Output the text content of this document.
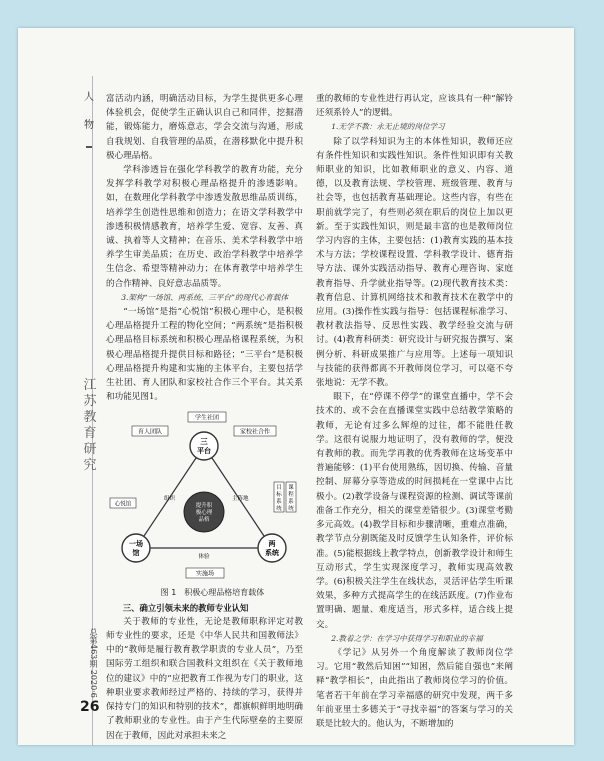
人
物
江
苏
教
育
研
究
总第463期 2020·6
26

富活动内涵，明确活动目标，为学生提供更多心理体验机会，促使学生正确认识自己和同伴，挖掘潜能，锻炼能力，磨炼意志，学会交流与沟通，形成自我规划、自我管理的品质，在潜移默化中提升积极心理品格。

学科渗透旨在强化学科教学的教育功能，充分发挥学科教学对积极心理品格提升的渗透影响。如，在数理化学科教学中渗透发散思维品质训练，培养学生创造性思维和创造力；在语文学科教学中渗透积极情感教育，培养学生爱、宽容、友善、真诚、执着等人文精神；在音乐、美术学科教学中培养学生审美品质；在历史、政治学科教学中培养学生信念、希望等精神动力；在体育教学中培养学生的合作精神、良好意志品质等。

3.架构“一场馆、两系统、三平台”的现代心育载体

“一场馆”是指“心悦馆”积极心理中心，是积极心理品格提升工程的物化空间；“两系统”是指积极心理品格目标系统和积极心理品格课程系统，为积极心理品格提升提供目标和路径；“三平台”是积极心理品格提升构建和实施的主体平台，主要包括学生社团、育人团队和家校社合作三个平台。其关系和功能见图1。

学生社团
育人团队	家校社合作
心悦馆
三
平台
一场
馆
两
系统
提升积
极心理
品格
组织	主阵地
体验
实施场
目
标
系
统
课
程
系
统

图 1　积极心理品格培育载体

三、确立引领未来的教师专业认知

关于教师的专业性，无论是教师职称评定对教师专业性的要求，还是《中华人民共和国教师法》中的“教师是履行教育教学职责的专业人员”，乃至国际劳工组织和联合国教科文组织在《关于教师地位的建议》中的“应把教育工作视为专门的职业，这种职业要求教师经过严格的、持续的学习，获得并保持专门的知识和特别的技术”，都旗帜鲜明地明确了教师职业的专业性。由于产生代际壁垒的主要原因在于教师，因此对承担未来之

重的教师的专业性进行再认定，应该具有一种“解铃还须系铃人”的逻辑。

1.无学不教：永无止境的岗位学习

除了以学科知识为主的本体性知识，教师还应有条件性知识和实践性知识。条件性知识即有关教师职业的知识，比如教师职业的意义、内容、道德，以及教育法规、学校管理、班级管理、教育与社会等，也包括教育基础理论。这些内容，有些在职前就学完了，有些则必须在职后的岗位上加以更新。至于实践性知识，则是最丰富的也是教师岗位学习内容的主体，主要包括：(1)教育实践的基本技术与方法；学校课程设置、学科教学设计、德育指导方法、课外实践活动指导、教育心理咨询、家庭教育指导、升学就业指导等。(2)现代教育技术类：教育信息、计算机网络技术和教育技术在教学中的应用。(3)操作性实践与指导：包括课程标准学习、教材教法指导、反思性实践、教学经验交流与研讨。(4)教育科研类：研究设计与研究报告撰写、案例分析、科研成果推广与应用等。上述每一项知识与技能的获得都离不开教师岗位学习，可以毫不夸张地说：无学不教。

眼下，在“停课不停学”的课堂直播中，学不会技术的、或不会在直播课堂实践中总结教学策略的教师，无论有过多么辉煌的过往，都不能胜任教学。这很有说服力地证明了，没有教师的学，便没有教师的教。而先学再教的优秀教师在这场变革中普遍能够：(1)平台使用熟练，因切换、传输、音量控制、屏幕分享等造成的时间损耗在一堂课中占比极小。(2)教学设备与课程资源的检测、调试等课前准备工作充分，相关的课堂差错很少。(3)课堂考勤多元高效。(4)教学目标和步骤清晰，重难点准确，教学节点分割既能及时反馈学生认知条件，评价标准。(5)能根据线上教学特点，创新教学设计和师生互动形式，学生实现深度学习，教师实现高效教学。(6)积极关注学生在线状态，灵活评估学生听课效果，多种方式提高学生的在线活跃度。(7)作业布置明确、题量、难度适当，形式多样，适合线上提交。

2.教着之学：在学习中获得学习和职业的幸福

《学记》从另外一个角度解读了教师岗位学习。它用“教然后知困”“知困，然后能自强也”来阐释“教学相长”，由此指出了教师岗位学习的价值。笔者若干年前在学习幸福感的研究中发现，两千多年前亚里士多德关于“寻找幸福”的答案与学习的关联是比较大的。他认为，不断增加的
